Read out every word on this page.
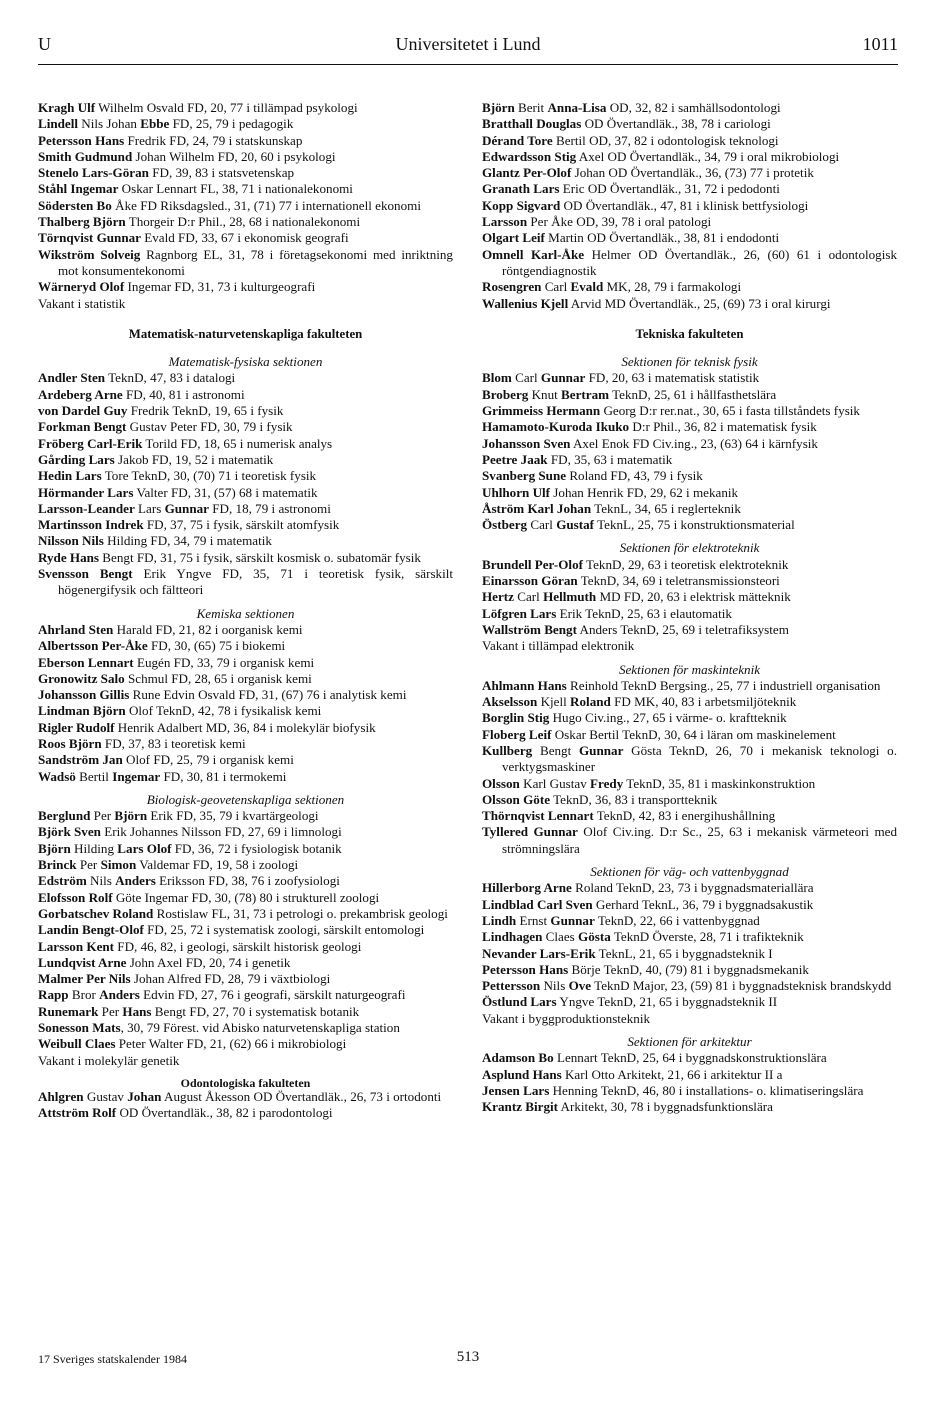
U	Universitetet i Lund	1011
Kragh Ulf Wilhelm Osvald FD, 20, 77 i tillämpad psykologi
Lindell Nils Johan Ebbe FD, 25, 79 i pedagogik
Petersson Hans Fredrik FD, 24, 79 i statskunskap
Smith Gudmund Johan Wilhelm FD, 20, 60 i psykologi
Stenelo Lars-Göran FD, 39, 83 i statsvetenskap
Ståhl Ingemar Oskar Lennart FL, 38, 71 i nationalekonomi
Södersten Bo Åke FD Riksdagsled., 31, (71) 77 i internationell ekonomi
Thalberg Björn Thorgeir D:r Phil., 28, 68 i nationalekonomi
Törnqvist Gunnar Evald FD, 33, 67 i ekonomisk geografi
Wikström Solveig Ragnborg EL, 31, 78 i företagsekonomi med inriktning mot konsumentekonomi
Wärneryd Olof Ingemar FD, 31, 73 i kulturgeografi
Vakant i statistik
Matematisk-naturvetenskapliga fakulteten
Matematisk-fysiska sektionen
Andler Sten TeknD, 47, 83 i datalogi
Ardeberg Arne FD, 40, 81 i astronomi
von Dardel Guy Fredrik TeknD, 19, 65 i fysik
Forkman Bengt Gustav Peter FD, 30, 79 i fysik
Fröberg Carl-Erik Torild FD, 18, 65 i numerisk analys
Gårding Lars Jakob FD, 19, 52 i matematik
Hedin Lars Tore TeknD, 30, (70) 71 i teoretisk fysik
Hörmander Lars Valter FD, 31, (57) 68 i matematik
Larsson-Leander Lars Gunnar FD, 18, 79 i astronomi
Martinsson Indrek FD, 37, 75 i fysik, särskilt atomfysik
Nilsson Nils Hilding FD, 34, 79 i matematik
Ryde Hans Bengt FD, 31, 75 i fysik, särskilt kosmisk o. subatomär fysik
Svensson Bengt Erik Yngve FD, 35, 71 i teoretisk fysik, särskilt högenergifysik och fältteori
Kemiska sektionen
Ahrland Sten Harald FD, 21, 82 i oorganisk kemi
Albertsson Per-Åke FD, 30, (65) 75 i biokemi
Eberson Lennart Eugén FD, 33, 79 i organisk kemi
Gronowitz Salo Schmul FD, 28, 65 i organisk kemi
Johansson Gillis Rune Edvin Osvald FD, 31, (67) 76 i analytisk kemi
Lindman Björn Olof TeknD, 42, 78 i fysikalisk kemi
Rigler Rudolf Henrik Adalbert MD, 36, 84 i molekylär biofysik
Roos Björn FD, 37, 83 i teoretisk kemi
Sandström Jan Olof FD, 25, 79 i organisk kemi
Wadsö Bertil Ingemar FD, 30, 81 i termokemi
Biologisk-geovetenskapliga sektionen
Berglund Per Björn Erik FD, 35, 79 i kvartärgeologi
Björk Sven Erik Johannes Nilsson FD, 27, 69 i limnologi
Björn Hilding Lars Olof FD, 36, 72 i fysiologisk botanik
Brinck Per Simon Valdemar FD, 19, 58 i zoologi
Edström Nils Anders Eriksson FD, 38, 76 i zoofysiologi
Elofsson Rolf Göte Ingemar FD, 30, (78) 80 i strukturell zoologi
Gorbatschev Roland Rostislaw FL, 31, 73 i petrologi o. prekambrisk geologi
Landin Bengt-Olof FD, 25, 72 i systematisk zoologi, särskilt entomologi
Larsson Kent FD, 46, 82, i geologi, särskilt historisk geologi
Lundqvist Arne John Axel FD, 20, 74 i genetik
Malmer Per Nils Johan Alfred FD, 28, 79 i växtbiologi
Rapp Bror Anders Edvin FD, 27, 76 i geografi, särskilt naturgeografi
Runemark Per Hans Bengt FD, 27, 70 i systematisk botanik
Sonesson Mats, 30, 79 Förest. vid Abisko naturvetenskapliga station
Weibull Claes Peter Walter FD, 21, (62) 66 i mikrobiologi
Vakant i molekylär genetik
Odontologiska fakulteten
Ahlgren Gustav Johan August Åkesson OD Övertandläk., 26, 73 i ortodonti
Attström Rolf OD Övertandläk., 38, 82 i parodontologi
Björn Berit Anna-Lisa OD, 32, 82 i samhällsodontologi
Bratthall Douglas OD Övertandläk., 38, 78 i cariologi
Dérand Tore Bertil OD, 37, 82 i odontologisk teknologi
Edwardsson Stig Axel OD Övertandläk., 34, 79 i oral mikrobiologi
Glantz Per-Olof Johan OD Övertandläk., 36, (73) 77 i protetik
Granath Lars Eric OD Övertandläk., 31, 72 i pedodonti
Kopp Sigvard OD Övertandläk., 47, 81 i klinisk bettfysiologi
Larsson Per Åke OD, 39, 78 i oral patologi
Olgart Leif Martin OD Övertandläk., 38, 81 i endodonti
Omnell Karl-Åke Helmer OD Övertandläk., 26, (60) 61 i odontologisk röntgendiagnostik
Rosengren Carl Evald MK, 28, 79 i farmakologi
Wallenius Kjell Arvid MD Övertandläk., 25, (69) 73 i oral kirurgi
Tekniska fakulteten
Sektionen för teknisk fysik
Blom Carl Gunnar FD, 20, 63 i matematisk statistik
Broberg Knut Bertram TeknD, 25, 61 i hållfasthetslära
Grimmeiss Hermann Georg D:r rer.nat., 30, 65 i fasta tillståndets fysik
Hamamoto-Kuroda Ikuko D:r Phil., 36, 82 i matematisk fysik
Johansson Sven Axel Enok FD Civ.ing., 23, (63) 64 i kärnfysik
Peetre Jaak FD, 35, 63 i matematik
Svanberg Sune Roland FD, 43, 79 i fysik
Uhlhorn Ulf Johan Henrik FD, 29, 62 i mekanik
Åström Karl Johan TeknL, 34, 65 i reglerteknik
Östberg Carl Gustaf TeknL, 25, 75 i konstruktionsmaterial
Sektionen för elektroteknik
Brundell Per-Olof TeknD, 29, 63 i teoretisk elektroteknik
Einarsson Göran TeknD, 34, 69 i teletransmissionsteori
Hertz Carl Hellmuth MD FD, 20, 63 i elektrisk mätteknik
Löfgren Lars Erik TeknD, 25, 63 i elautomatik
Wallström Bengt Anders TeknD, 25, 69 i teletrafiksystem
Vakant i tillämpad elektronik
Sektionen för maskinteknik
Ahlmann Hans Reinhold TeknD Bergsing., 25, 77 i industriell organisation
Akselsson Kjell Roland FD MK, 40, 83 i arbetsmiljöteknik
Borglin Stig Hugo Civ.ing., 27, 65 i värme- o. kraftteknik
Floberg Leif Oskar Bertil TeknD, 30, 64 i läran om maskinelement
Kullberg Bengt Gunnar Gösta TeknD, 26, 70 i mekanisk teknologi o. verktygsmaskiner
Olsson Karl Gustav Fredy TeknD, 35, 81 i maskinkonstruktion
Olsson Göte TeknD, 36, 83 i transportteknik
Thörnqvist Lennart TeknD, 42, 83 i energihushållning
Tyllered Gunnar Olof Civ.ing. D:r Sc., 25, 63 i mekanisk värmeteori med strömningslära
Sektionen för väg- och vattenbyggnad
Hillerborg Arne Roland TeknD, 23, 73 i byggnadsmateriallära
Lindblad Carl Sven Gerhard TeknL, 36, 79 i byggnadsakustik
Lindh Ernst Gunnar TeknD, 22, 66 i vattenbyggnad
Lindhagen Claes Gösta TeknD Överste, 28, 71 i trafikteknik
Nevander Lars-Erik TeknL, 21, 65 i byggnadsteknik I
Petersson Hans Börje TeknD, 40, (79) 81 i byggnadsmekanik
Pettersson Nils Ove TeknD Major, 23, (59) 81 i byggnadsteknisk brandskydd
Östlund Lars Yngve TeknD, 21, 65 i byggnadsteknik II
Vakant i byggproduktionsteknik
Sektionen för arkitektur
Adamson Bo Lennart TeknD, 25, 64 i byggnadskonstruktionslära
Asplund Hans Karl Otto Arkitekt, 21, 66 i arkitektur II a
Jensen Lars Henning TeknD, 46, 80 i installations- o. klimatiseringslära
Krantz Birgit Arkitekt, 30, 78 i byggnadsfunktionslära
17 Sveriges statskalender 1984	513
